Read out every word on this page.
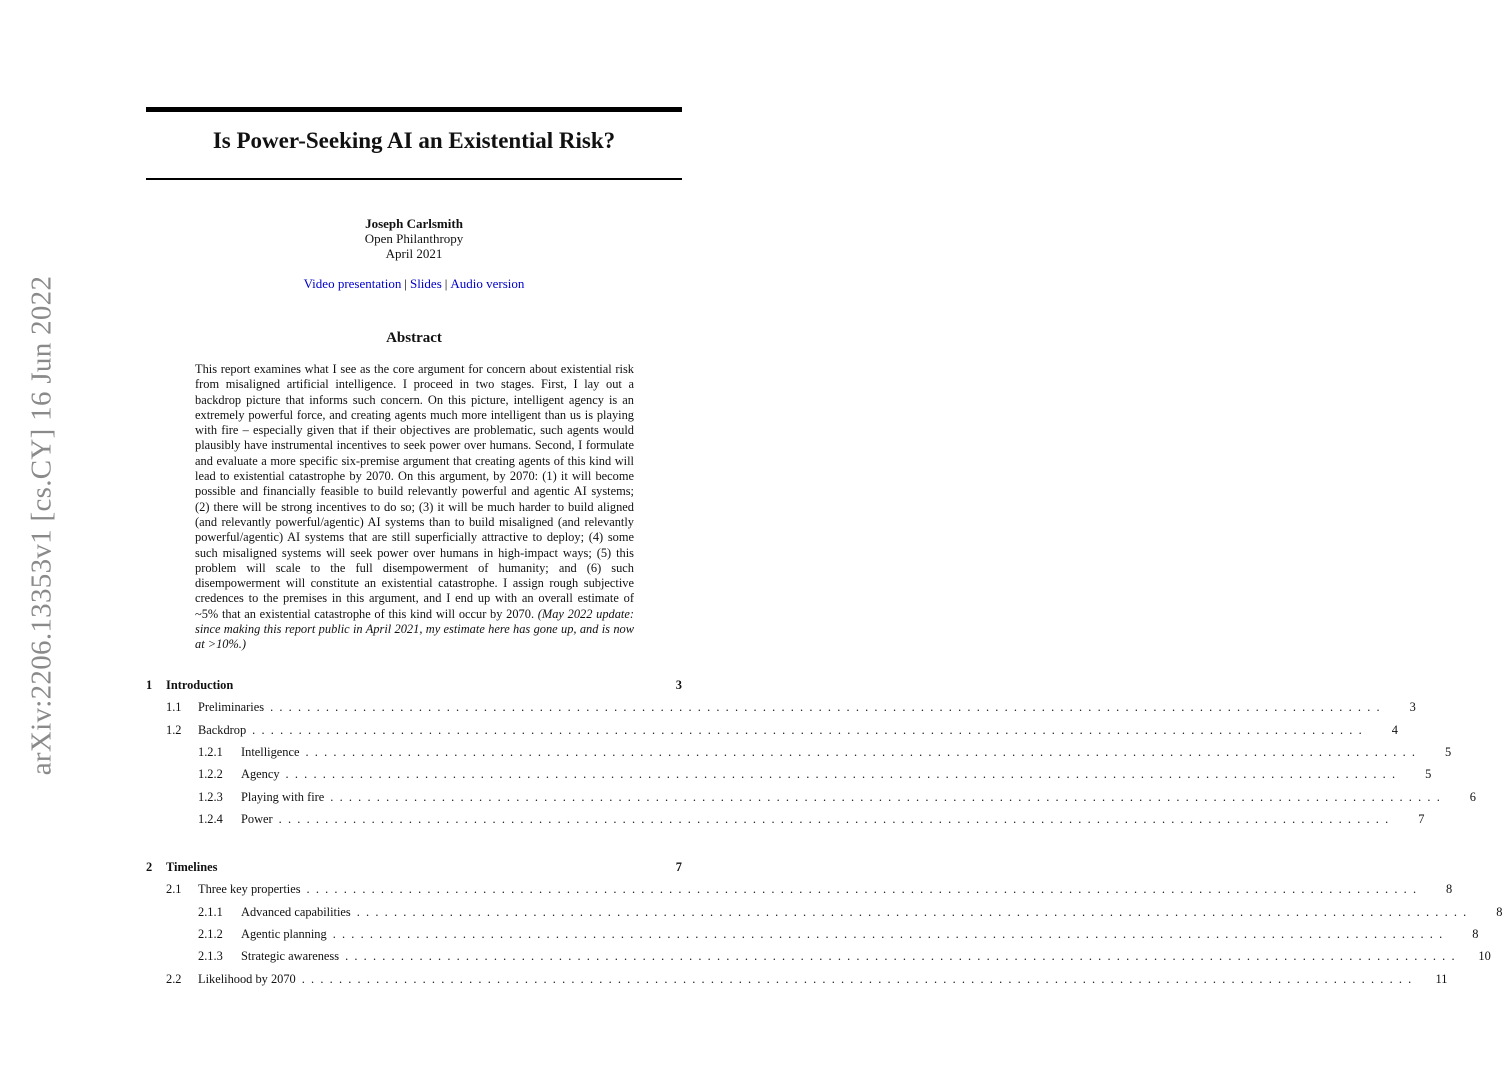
arXiv:2206.13353v1 [cs.CY] 16 Jun 2022
Is Power-Seeking AI an Existential Risk?
Joseph Carlsmith
Open Philanthropy
April 2021
Video presentation | Slides | Audio version
Abstract

This report examines what I see as the core argument for concern about existential risk from misaligned artificial intelligence. I proceed in two stages. First, I lay out a backdrop picture that informs such concern. On this picture, intelligent agency is an extremely powerful force, and creating agents much more intelligent than us is playing with fire – especially given that if their objectives are problematic, such agents would plausibly have instrumental incentives to seek power over humans. Second, I formulate and evaluate a more specific six-premise argument that creating agents of this kind will lead to existential catastrophe by 2070. On this argument, by 2070: (1) it will become possible and financially feasible to build relevantly powerful and agentic AI systems; (2) there will be strong incentives to do so; (3) it will be much harder to build aligned (and relevantly powerful/agentic) AI systems than to build misaligned (and relevantly powerful/agentic) AI systems that are still superficially attractive to deploy; (4) some such misaligned systems will seek power over humans in high-impact ways; (5) this problem will scale to the full disempowerment of humanity; and (6) such disempowerment will constitute an existential catastrophe. I assign rough subjective credences to the premises in this argument, and I end up with an overall estimate of ~5% that an existential catastrophe of this kind will occur by 2070. (May 2022 update: since making this report public in April 2021, my estimate here has gone up, and is now at >10%.)

1	Introduction	3
1.1	Preliminaries ........................................................................................................................	3
1.2	Backdrop ........................................................................................................................	4
1.2.1	Intelligence ........................................................................................................................	5
1.2.2	Agency ........................................................................................................................	5
1.2.3	Playing with fire ........................................................................................................................	6
1.2.4	Power ........................................................................................................................	7
2	Timelines	7
2.1	Three key properties ........................................................................................................................	8
2.1.1	Advanced capabilities ........................................................................................................................	8
2.1.2	Agentic planning ........................................................................................................................	8
2.1.3	Strategic awareness ........................................................................................................................	10
2.2	Likelihood by 2070 ........................................................................................................................	11
